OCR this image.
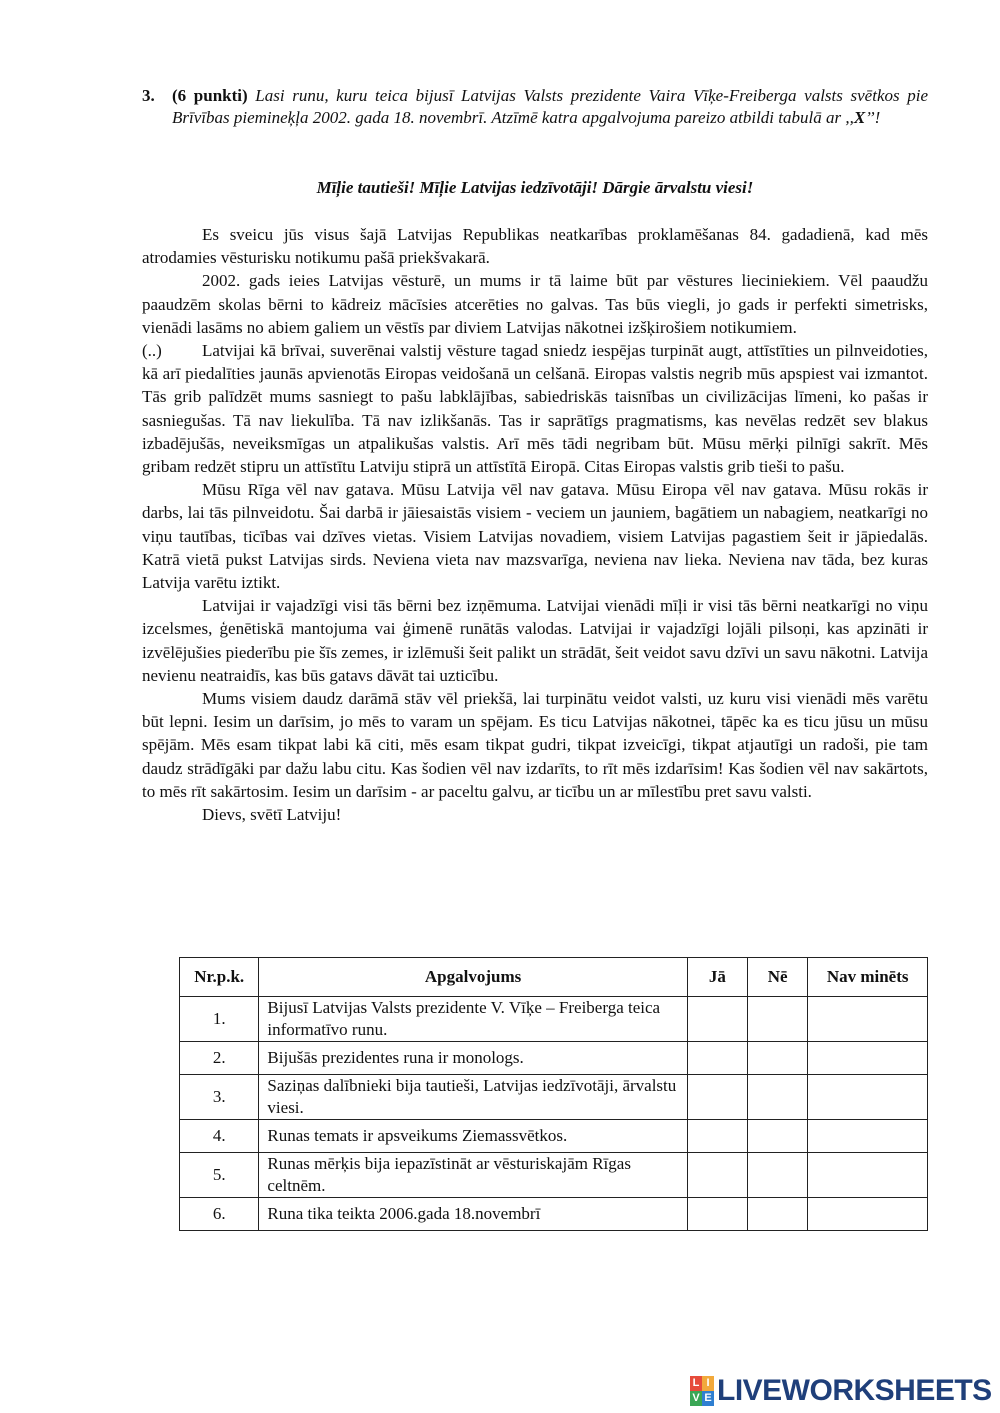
3. (6 punkti) Lasi runu, kuru teica bijusī Latvijas Valsts prezidente Vaira Vīķe-Freiberga valsts svētkos pie Brīvības piemineķļa 2002. gada 18. novembrī. Atzīmē katra apgalvojuma pareizo atbildi tabulā ar ,,X’’!
Mīļie tautieši! Mīļie Latvijas iedzīvotāji! Dārgie ārvalstu viesi!

Es sveicu jūs visus šajā Latvijas Republikas neatkarības proklamēšanas 84. gadadienā, kad mēs atrodamies vēsturisku notikumu pašā priekšvakarā.

2002. gads ieies Latvijas vēsturē, un mums ir tā laime būt par vēstures lieciniekiem. Vēl paaudžu paaudzēm skolas bērni to kādreiz mācīsies atcerēties no galvas. Tas būs viegli, jo gads ir perfekti simetrisks, vienādi lasāms no abiem galiem un vēstīs par diviem Latvijas nākotnei izšķirošiem notikumiem.

(..) Latvijai kā brīvai, suverēnai valstij vēsture tagad sniedz iespējas turpināt augt, attīstīties un pilnveidoties, kā arī piedalīties jaunās apvienotās Eiropas veidošanā un celšanā. Eiropas valstis negrib mūs apspiest vai izmantot. Tās grib palīdzēt mums sasniegt to pašu labklājības, sabiedriskās taisnības un civilizācijas līmeni, ko pašas ir sasniegušas. Tā nav liekulība. Tā nav izlikšanās. Tas ir saprātīgs pragmatisms, kas nevēlas redzēt sev blakus izbadējušās, neveiksmīgas un atpalikušas valstis. Arī mēs tādi negribam būt. Mūsu mērķi pilnīgi sakrīt. Mēs gribam redzēt stipru un attīstītu Latviju stiprā un attīstītā Eiropā. Citas Eiropas valstis grib tieši to pašu.

Mūsu Rīga vēl nav gatava. Mūsu Latvija vēl nav gatava. Mūsu Eiropa vēl nav gatava. Mūsu rokās ir darbs, lai tās pilnveidotu. Šai darbā ir jāiesaistās visiem - veciem un jauniem, bagātiem un nabagiem, neatkarīgi no viņu tautības, ticības vai dzīves vietas. Visiem Latvijas novadiem, visiem Latvijas pagastiem šeit ir jāpiedalās. Katrā vietā pukst Latvijas sirds. Neviena vieta nav mazsvarīga, neviena nav lieka. Neviena nav tāda, bez kuras Latvija varētu iztikt.

Latvijai ir vajadzīgi visi tās bērni bez izņēmuma. Latvijai vienādi mīļi ir visi tās bērni neatkarīgi no viņu izcelsmes, ģenētiskā mantojuma vai ģimenē runātās valodas. Latvijai ir vajadzīgi lojāli pilsoņi, kas apzināti ir izvēlējušies piederību pie šīs zemes, ir izlēmuši šeit palikt un strādāt, šeit veidot savu dzīvi un savu nākotni. Latvija nevienu neatraidīs, kas būs gatavs dāvāt tai uzticību.

Mums visiem daudz darāmā stāv vēl priekšā, lai turpinātu veidot valsti, uz kuru visi vienādi mēs varētu būt lepni. Iesim un darīsim, jo mēs to varam un spējam. Es ticu Latvijas nākotnei, tāpēc ka es ticu jūsu un mūsu spējām. Mēs esam tikpat labi kā citi, mēs esam tikpat gudri, tikpat izveicīgi, tikpat atjautīgi un radoši, pie tam daudz strādīgāki par dažu labu citu. Kas šodien vēl nav izdarīts, to rīt mēs izdarīsim! Kas šodien vēl nav sakārtots, to mēs rīt sakārtosim. Iesim un darīsim - ar paceltu galvu, ar ticību un ar mīlestību pret savu valsti.

Dievs, svētī Latviju!

Nr.p.k.	Apgalvojums	Jā	Nē	Nav minēts
1.	Bijusī Latvijas Valsts prezidente V. Vīķe – Freiberga teica informatīvo runu.			
2.	Bijušās prezidentes runa ir monologs.			
3.	Saziņas dalībnieki bija tautieši, Latvijas iedzīvotāji, ārvalstu viesi.			
4.	Runas temats ir apsveikums Ziemassvētkos.			
5.	Runas mērķis bija iepazīstināt ar vēsturiskajām Rīgas celtnēm.			
6.	Runa tika teikta 2006.gada 18.novembrī			
L I
V E LIVEWORKSHEETS
